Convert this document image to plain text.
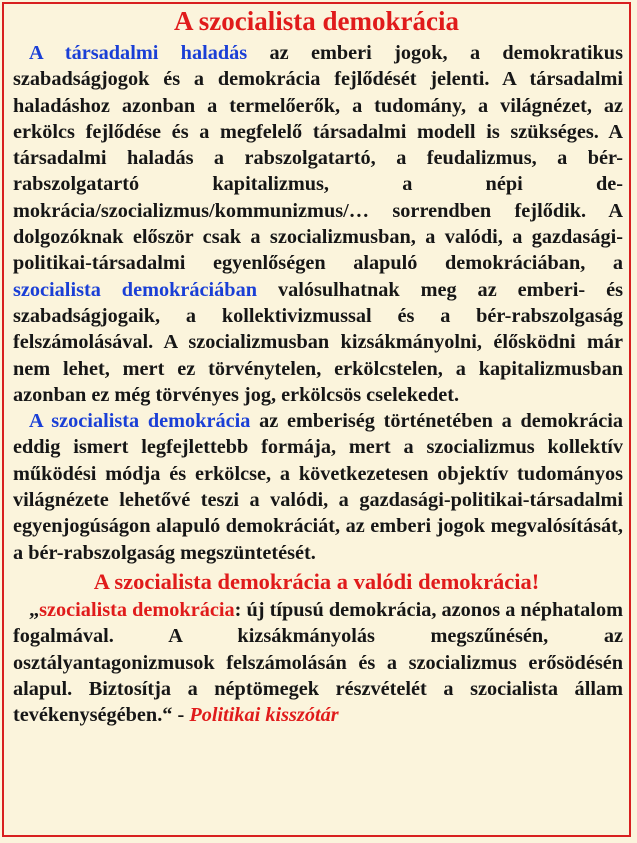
A szocialista demokrácia

A társadalmi haladás az emberi jogok, a demokratikus szabadságjogok és a demokrácia fejlődését jelenti. A társadalmi haladáshoz azonban a termelőerők, a tudomány, a világnézet, az erkölcs fejlődése és a megfelelő társadalmi modell is szükséges. A társadalmi haladás a rabszolgatartó, a feudalizmus, a bér-rabszolgatartó kapitalizmus, a népi demokrácia/szocializmus/kommunizmus/… sorrendben fejlődik. A dolgozóknak először csak a szocializmusban, a valódi, a gazdasági-politikai-társadalmi egyenlőségen alapuló demokráciában, a szocialista demokráciában valósulhatnak meg az emberi- és szabadságjogaik, a kollektivizmussal és a bér-rabszolgaság felszámolásával. A szocializmusban kizsákmányolni, élősködni már nem lehet, mert ez törvénytelen, erkölcstelen, a kapitalizmusban azonban ez még törvényes jog, erkölcsös cselekedet.

A szocialista demokrácia az emberiség történetében a demokrácia eddig ismert legfejlettebb formája, mert a szocializmus kollektív működési módja és erkölcse, a következetesen objektív tudományos világnézete lehetővé teszi a valódi, a gazdasági-politikai-társadalmi egyenjogúságon alapuló demokráciát, az emberi jogok megvalósítását, a bér-rabszolgaság megszüntetését.

A szocialista demokrácia a valódi demokrácia!

„szocialista demokrácia: új típusú demokrácia, azonos a néphatalom fogalmával. A kizsákmányolás megszűnésén, az osztályantagonizmusok felszámolásán és a szocializmus erősödésén alapul. Biztosítja a néptömegek részvételét a szocialista állam tevékenységében.“ - Politikai kisszótár
